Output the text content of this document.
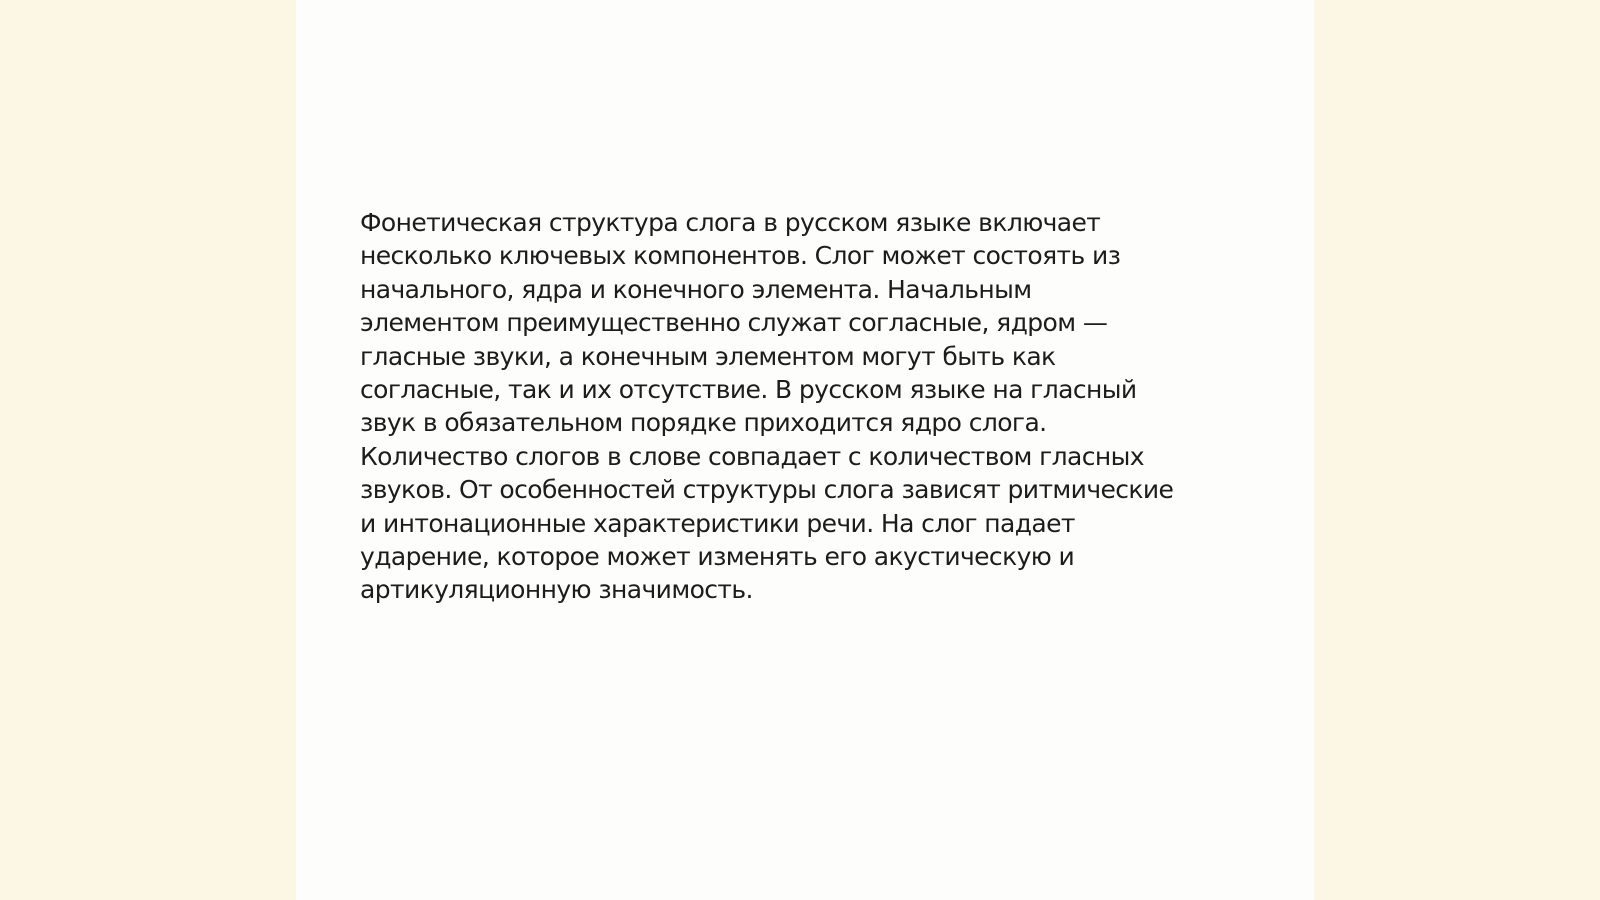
Фонетическая структура слога в русском языке включает
несколько ключевых компонентов. Слог может состоять из
начального, ядра и конечного элемента. Начальным
элементом преимущественно служат согласные, ядром —
гласные звуки, а конечным элементом могут быть как
согласные, так и их отсутствие. В русском языке на гласный
звук в обязательном порядке приходится ядро слога.
Количество слогов в слове совпадает с количеством гласных
звуков. От особенностей структуры слога зависят ритмические
и интонационные характеристики речи. На слог падает
ударение, которое может изменять его акустическую и
артикуляционную значимость.
